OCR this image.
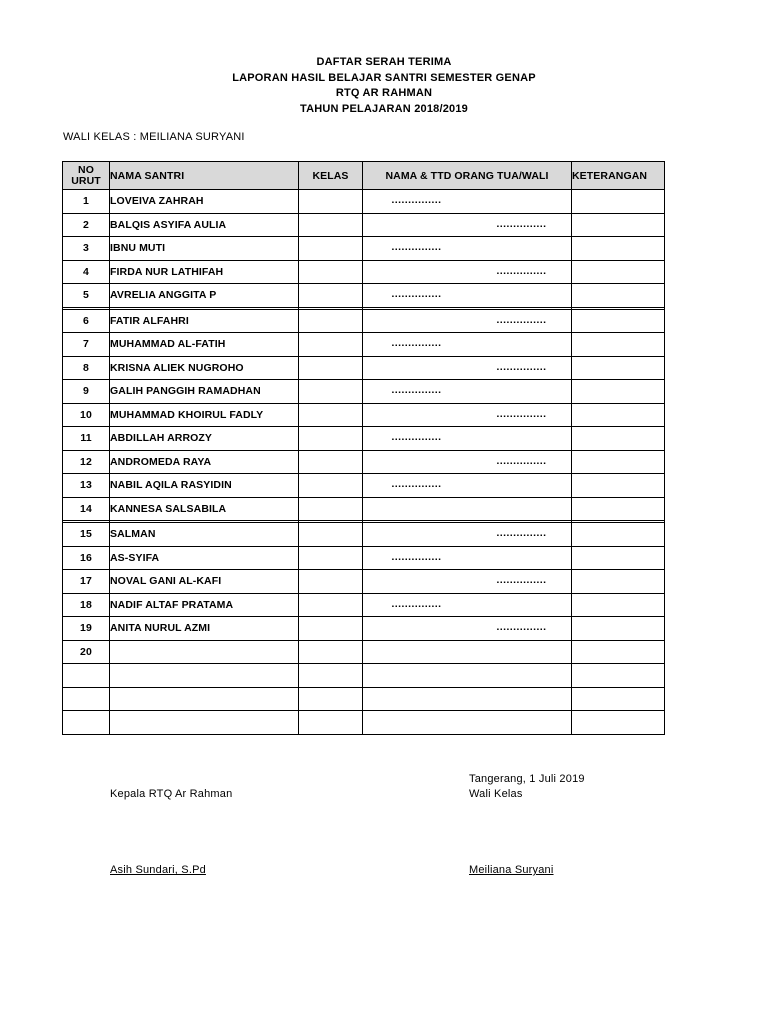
DAFTAR SERAH TERIMA
LAPORAN HASIL BELAJAR SANTRI SEMESTER GENAP
RTQ AR RAHMAN
TAHUN PELAJARAN 2018/2019
WALI KELAS : MEILIANA SURYANI
NO
URUT	NAMA SANTRI	KELAS	NAMA & TTD ORANG TUA/WALI	KETERANGAN
1	LOVEIVA ZAHRAH		……………	

2	BALQIS ASYIFA AULIA		……………	

3	IBNU MUTI		……………	

4	FIRDA NUR LATHIFAH		……………	

5	AVRELIA ANGGITA P		……………	

6	FATIR ALFAHRI		……………	

7	MUHAMMAD AL-FATIH		……………	

8	KRISNA ALIEK NUGROHO		……………	

9	GALIH PANGGIH RAMADHAN		……………	

10	MUHAMMAD KHOIRUL FADLY		……………	

11	ABDILLAH ARROZY		……………	

12	ANDROMEDA RAYA		……………	

13	NABIL AQILA RASYIDIN		……………	

14	KANNESA SALSABILA			

15	SALMAN		……………	

16	AS-SYIFA		……………	

17	NOVAL GANI AL-KAFI		……………	

18	NADIF ALTAF PRATAMA		……………	

19	ANITA NURUL AZMI		……………	

20				

Tangerang, 1 Juli 2019
Kepala RTQ Ar Rahman	Wali Kelas
Asih Sundari, S.Pd	Meiliana Suryani
